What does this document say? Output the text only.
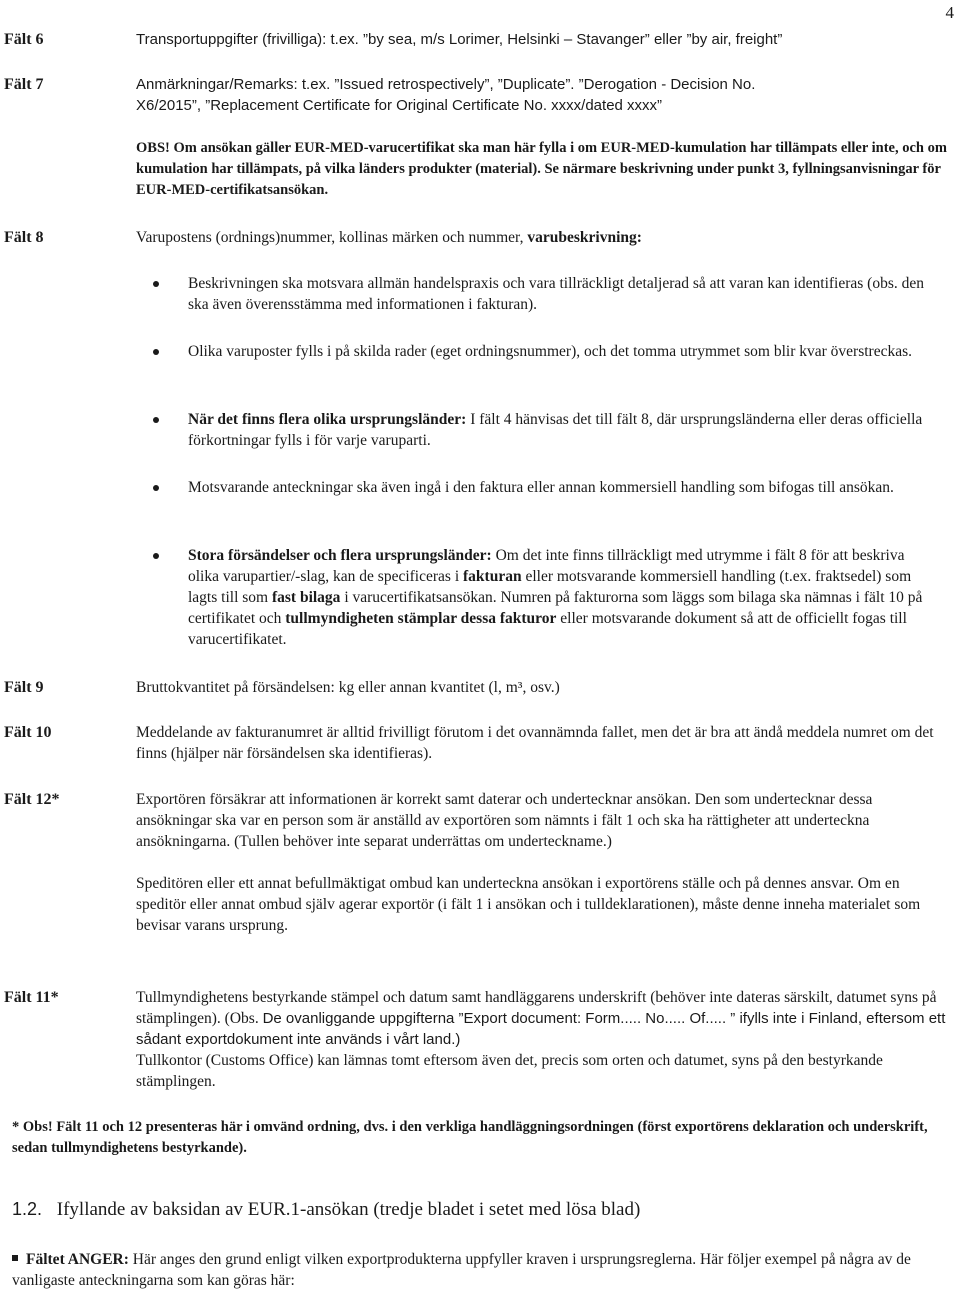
4
Fält 6	Transportuppgifter (frivilliga): t.ex. ”by sea, m/s Lorimer, Helsinki – Stavanger” eller ”by air, freight”
Fält 7	Anmärkningar/Remarks: t.ex. ”Issued retrospectively”, ”Duplicate”. ”Derogation - Decision No.
X6/2015”, ”Replacement Certificate for Original Certificate No. xxxx/dated xxxx”
OBS! Om ansökan gäller EUR-MED-varucertifikat ska man här fylla i om EUR-MED-kumulation har tillämpats eller inte, och om kumulation har tillämpats, på vilka länders produkter (material). Se närmare beskrivning under punkt 3, fyllningsanvisningar för EUR-MED-certifikatsansökan.
Fält 8	Varupostens (ordnings)nummer, kollinas märken och nummer, varubeskrivning:
Beskrivningen ska motsvara allmän handelspraxis och vara tillräckligt detaljerad så att varan kan identifieras (obs. den ska även överensstämma med informationen i fakturan).
Olika varuposter fylls i på skilda rader (eget ordningsnummer), och det tomma utrymmet som blir kvar överstreckas.
När det finns flera olika ursprungsländer: I fält 4 hänvisas det till fält 8, där ursprungsländerna eller deras officiella förkortningar fylls i för varje varuparti.
Motsvarande anteckningar ska även ingå i den faktura eller annan kommersiell handling som bifogas till ansökan.
Stora försändelser och flera ursprungsländer: Om det inte finns tillräckligt med utrymme i fält 8 för att beskriva olika varupartier/-slag, kan de specificeras i fakturan eller motsvarande kommersiell handling (t.ex. fraktsedel) som lagts till som fast bilaga i varucertifikatsansökan. Numren på fakturorna som läggs som bilaga ska nämnas i fält 10 på certifikatet och tullmyndigheten stämplar dessa fakturor eller motsvarande dokument så att de officiellt fogas till varucertifikatet.
Fält 9	Bruttokvantitet på försändelsen: kg eller annan kvantitet (l, m³, osv.)
Fält 10	Meddelande av fakturanumret är alltid frivilligt förutom i det ovannämnda fallet, men det är bra att ändå meddela numret om det finns (hjälper när försändelsen ska identifieras).
Fält 12*	Exportören försäkrar att informationen är korrekt samt daterar och undertecknar ansökan. Den som undertecknar dessa ansökningar ska var en person som är anställd av exportören som nämnts i fält 1 och ska ha rättigheter att underteckna ansökningarna. (Tullen behöver inte separat underrättas om underteckname.)

Speditören eller ett annat befullmäktigat ombud kan underteckna ansökan i exportörens ställe och på dennes ansvar. Om en speditör eller annat ombud själv agerar exportör (i fält 1 i ansökan och i tulldeklarationen), måste denne inneha materialet som bevisar varans ursprung.

Fält 11*	Tullmyndighetens bestyrkande stämpel och datum samt handläggarens underskrift (behöver inte dateras särskilt, datumet syns på stämplingen). (Obs. De ovanliggande uppgifterna ”Export document: Form..... No..... Of..... ” ifylls inte i Finland, eftersom ett sådant exportdokument inte används i vårt land.)

Tullkontor (Customs Office) kan lämnas tomt eftersom även det, precis som orten och datumet, syns på den bestyrkande stämplingen.

* Obs! Fält 11 och 12 presenteras här i omvänd ordning, dvs. i den verkliga handläggningsordningen (först exportörens deklaration och underskrift, sedan tullmyndighetens bestyrkande).
1.2. Ifyllande av baksidan av EUR.1-ansökan (tredje bladet i setet med lösa blad)
Fältet ANGER: Här anges den grund enligt vilken exportprodukterna uppfyller kraven i ursprungsreglerna. Här följer exempel på några av de vanligaste anteckningarna som kan göras här:
